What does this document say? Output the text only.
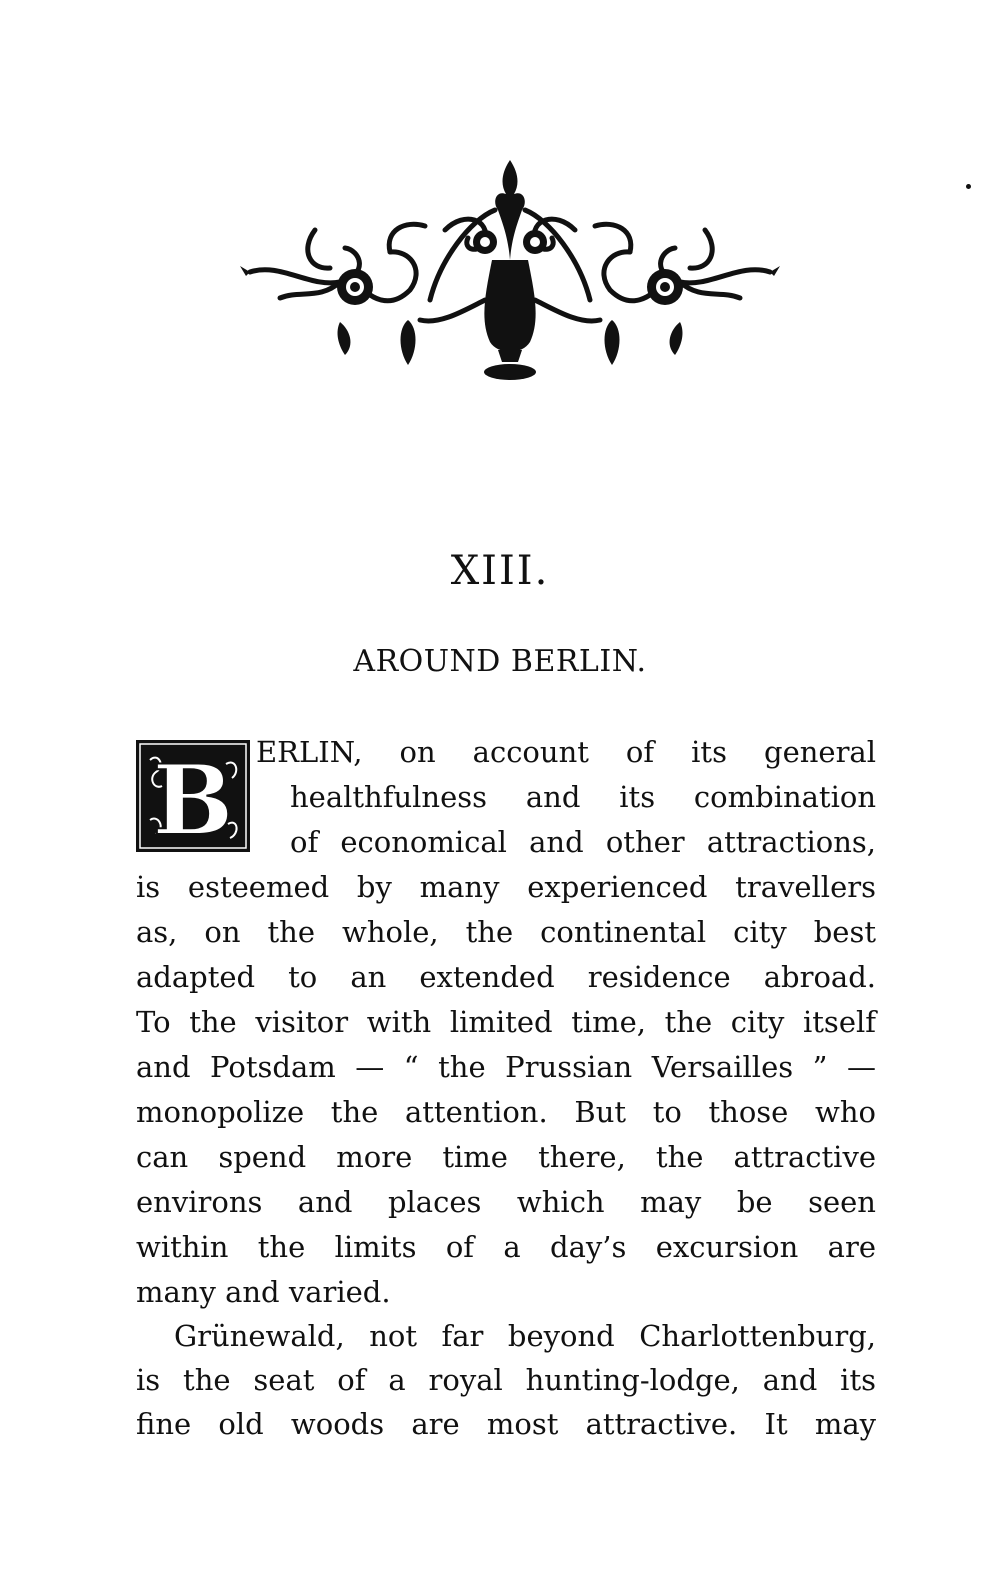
XIII.
AROUND BERLIN.
B ERLIN, on account of its general

healthfulness and its combination

of economical and other attractions,

is esteemed by many experienced travellers

as, on the whole, the continental city best

adapted to an extended residence abroad.

To the visitor with limited time, the city itself

and Potsdam — “ the Prussian Versailles ” —

monopolize the attention. But to those who

can spend more time there, the attractive

environs and places which may be seen

within the limits of a day’s excursion are

many and varied.

Grünewald, not far beyond Charlottenburg,

is the seat of a royal hunting-lodge, and its

fine old woods are most attractive. It may
